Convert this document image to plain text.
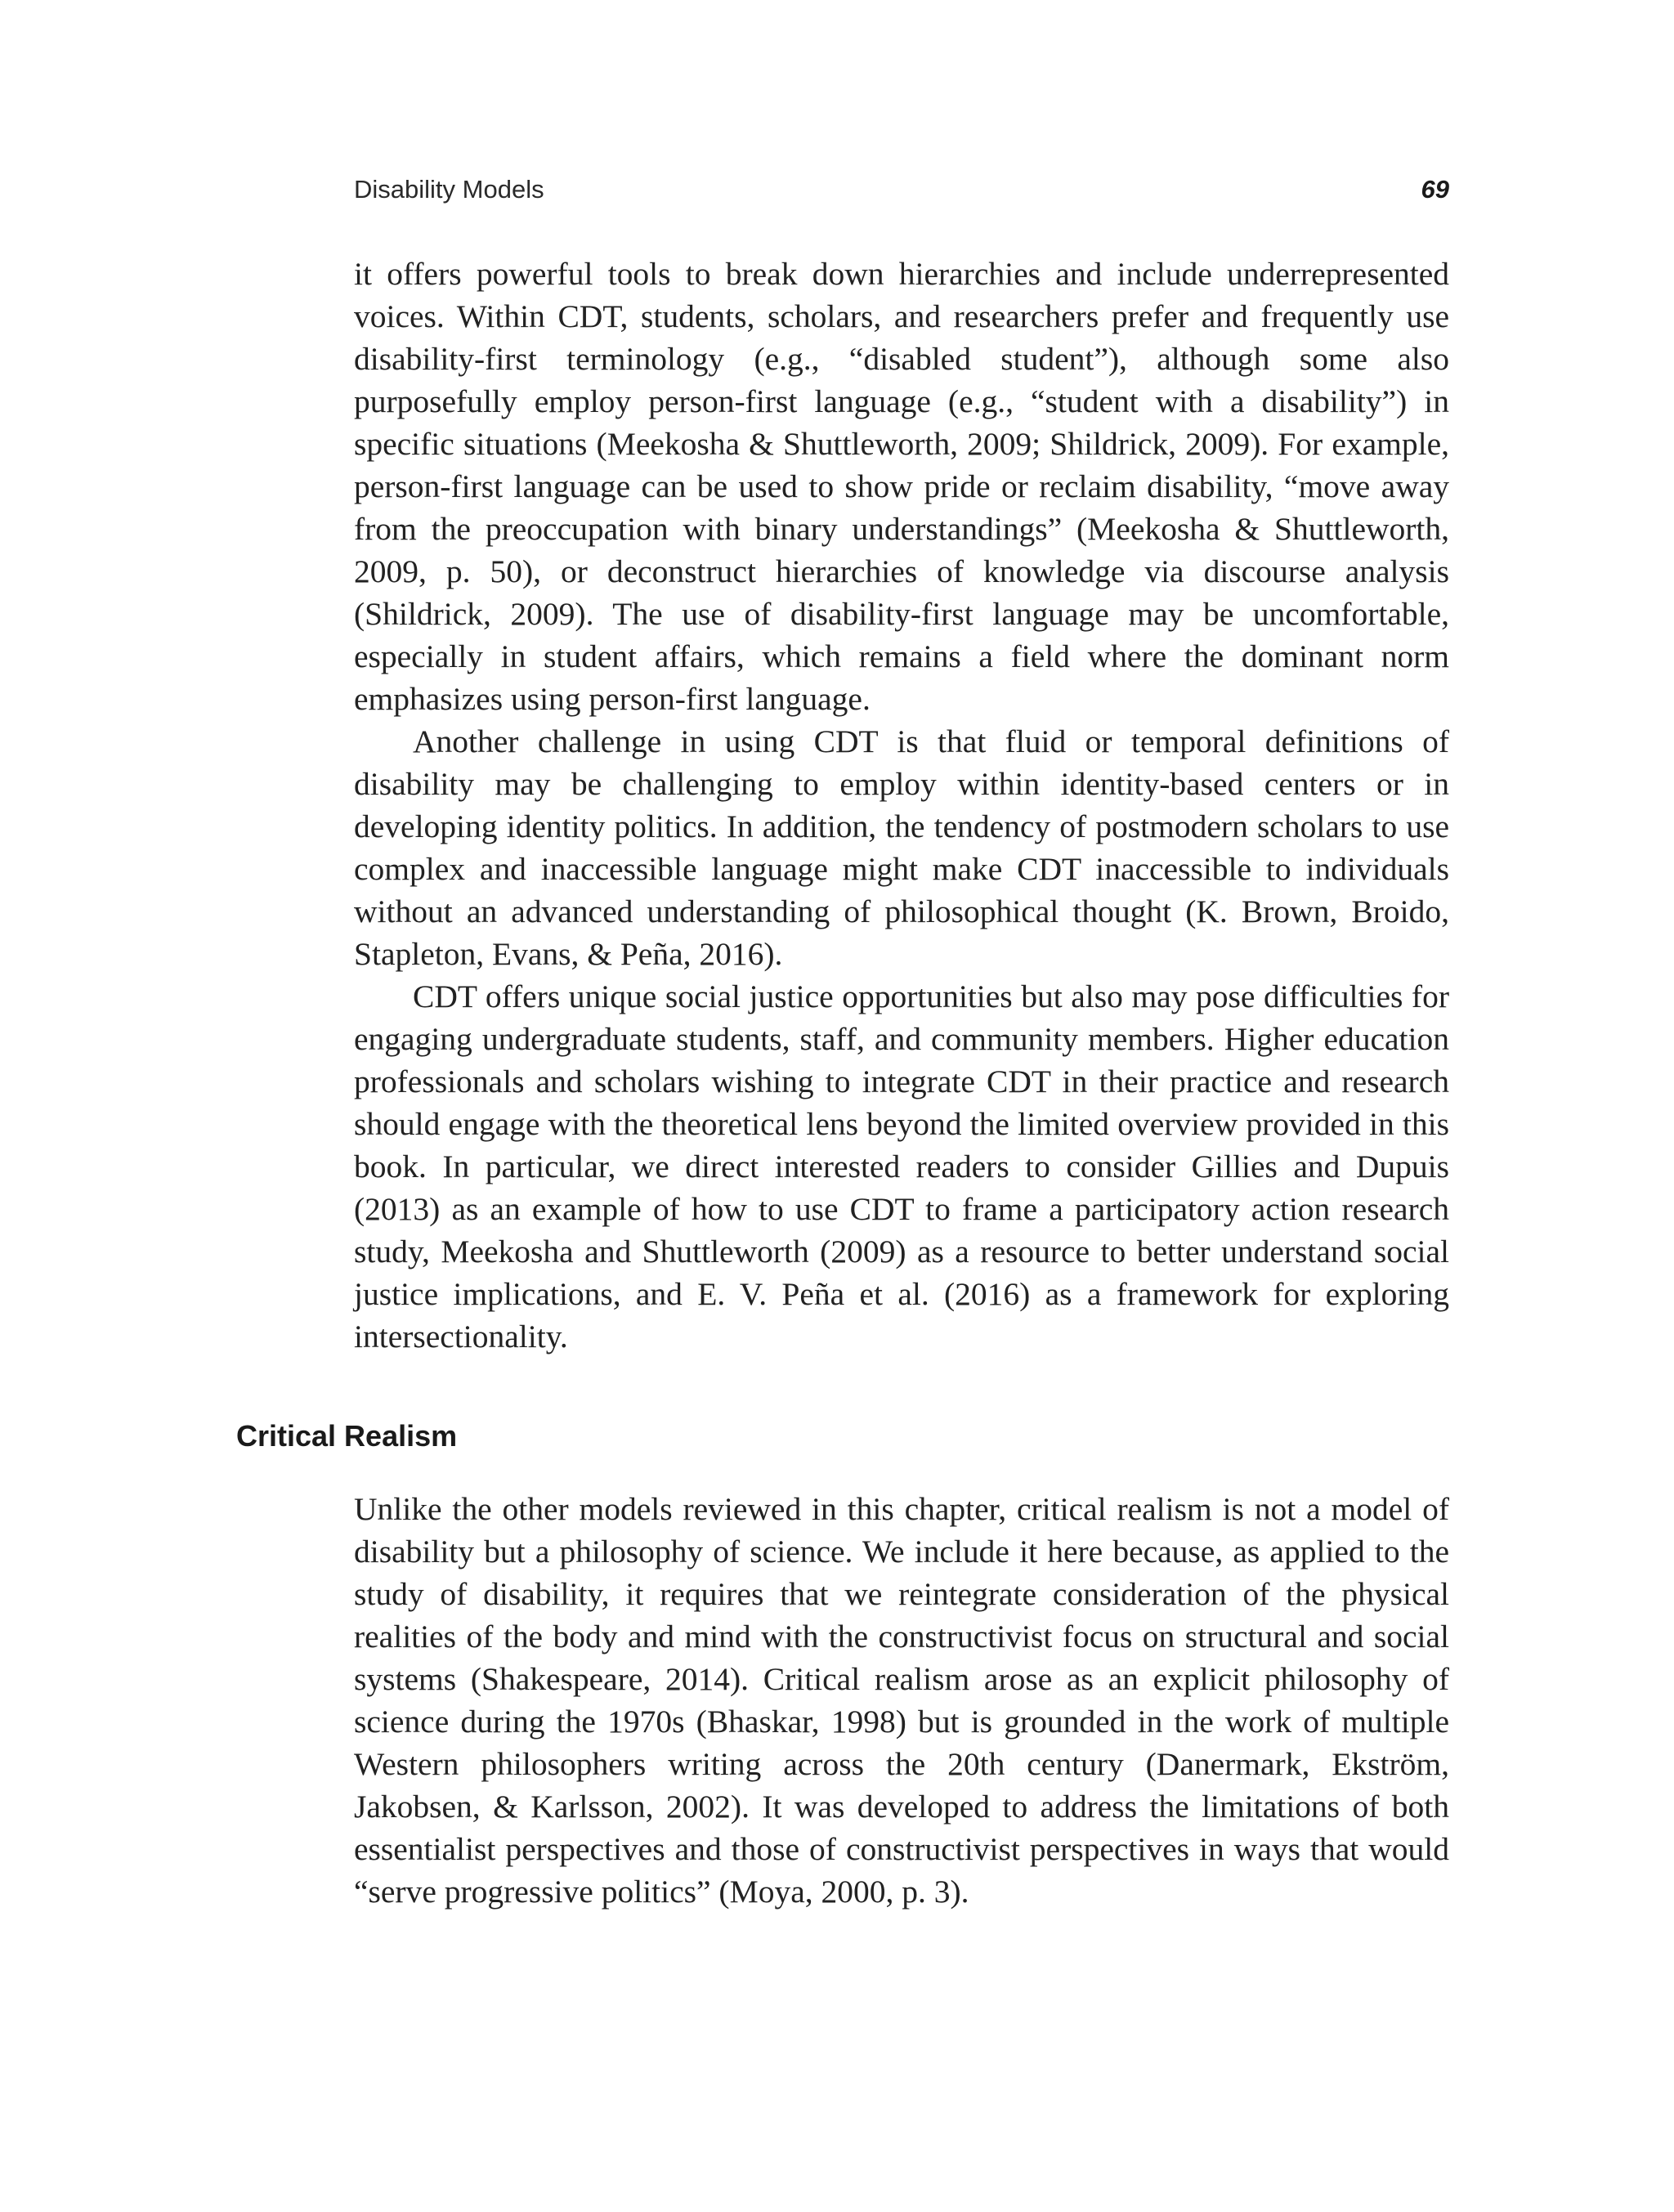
Disability Models	69

it offers powerful tools to break down hierarchies and include underrepresented voices. Within CDT, students, scholars, and researchers prefer and frequently use disability-first terminology (e.g., “disabled student”), although some also purposefully employ person-first language (e.g., “student with a disability”) in specific situations (Meekosha & Shuttleworth, 2009; Shildrick, 2009). For example, person-first language can be used to show pride or reclaim disability, “move away from the preoccupation with binary understandings” (Meekosha & Shuttleworth, 2009, p. 50), or deconstruct hierarchies of knowledge via discourse analysis (Shildrick, 2009). The use of disability-first language may be uncomfortable, especially in student affairs, which remains a field where the dominant norm emphasizes using person-first language.

Another challenge in using CDT is that fluid or temporal definitions of disability may be challenging to employ within identity-based centers or in developing identity politics. In addition, the tendency of postmodern scholars to use complex and inaccessible language might make CDT inaccessible to individuals without an advanced understanding of philosophical thought (K. Brown, Broido, Stapleton, Evans, & Peña, 2016).

CDT offers unique social justice opportunities but also may pose difficulties for engaging undergraduate students, staff, and community members. Higher education professionals and scholars wishing to integrate CDT in their practice and research should engage with the theoretical lens beyond the limited overview provided in this book. In particular, we direct interested readers to consider Gillies and Dupuis (2013) as an example of how to use CDT to frame a participatory action research study, Meekosha and Shuttleworth (2009) as a resource to better understand social justice implications, and E. V. Peña et al. (2016) as a framework for exploring intersectionality.

Critical Realism

Unlike the other models reviewed in this chapter, critical realism is not a model of disability but a philosophy of science. We include it here because, as applied to the study of disability, it requires that we reintegrate consideration of the physical realities of the body and mind with the constructivist focus on structural and social systems (Shakespeare, 2014). Critical realism arose as an explicit philosophy of science during the 1970s (Bhaskar, 1998) but is grounded in the work of multiple Western philosophers writing across the 20th century (Danermark, Ekström, Jakobsen, & Karlsson, 2002). It was developed to address the limitations of both essentialist perspectives and those of constructivist perspectives in ways that would “serve progressive politics” (Moya, 2000, p. 3).
